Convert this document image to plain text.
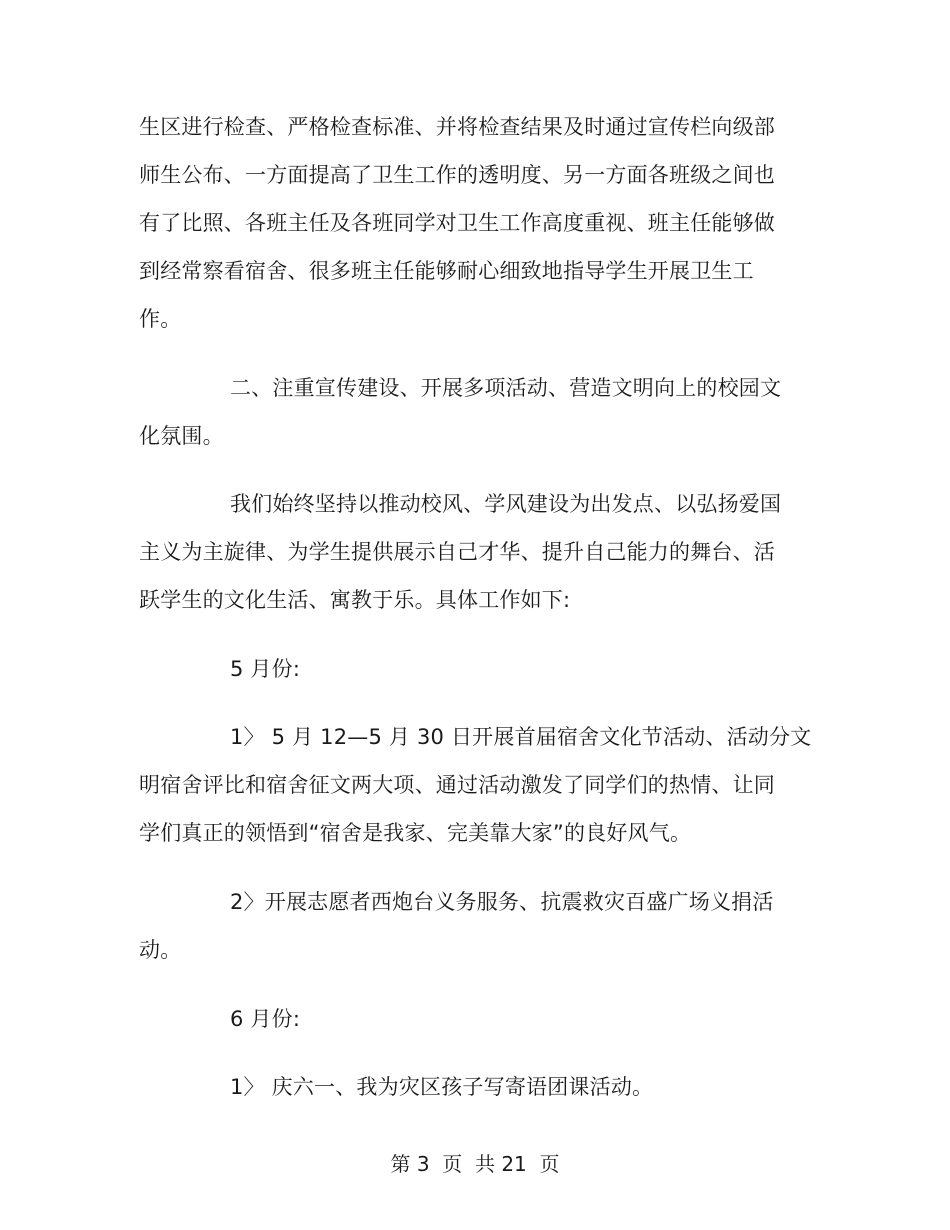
生区进行检查、严格检查标准、并将检查结果及时通过宣传栏向级部
师生公布、一方面提高了卫生工作的透明度、另一方面各班级之间也
有了比照、各班主任及各班同学对卫生工作高度重视、班主任能够做
到经常察看宿舍、很多班主任能够耐心细致地指导学生开展卫生工
作。
二、注重宣传建设、开展多项活动、营造文明向上的校园文
化氛围。
我们始终坚持以推动校风、学风建设为出发点、以弘扬爱国
主义为主旋律、为学生提供展示自己才华、提升自己能力的舞台、活
跃学生的文化生活、寓教于乐。具体工作如下:
5 月份:
1〉 5 月 12—5 月 30 日开展首届宿舍文化节活动、活动分文
明宿舍评比和宿舍征文两大项、通过活动激发了同学们的热情、让同
学们真正的领悟到“宿舍是我家、完美靠大家”的良好风气。
2〉开展志愿者西炮台义务服务、抗震救灾百盛广场义捐活
动。
6 月份:
1〉 庆六一、我为灾区孩子写寄语团课活动。
第 3  页  共 21  页
